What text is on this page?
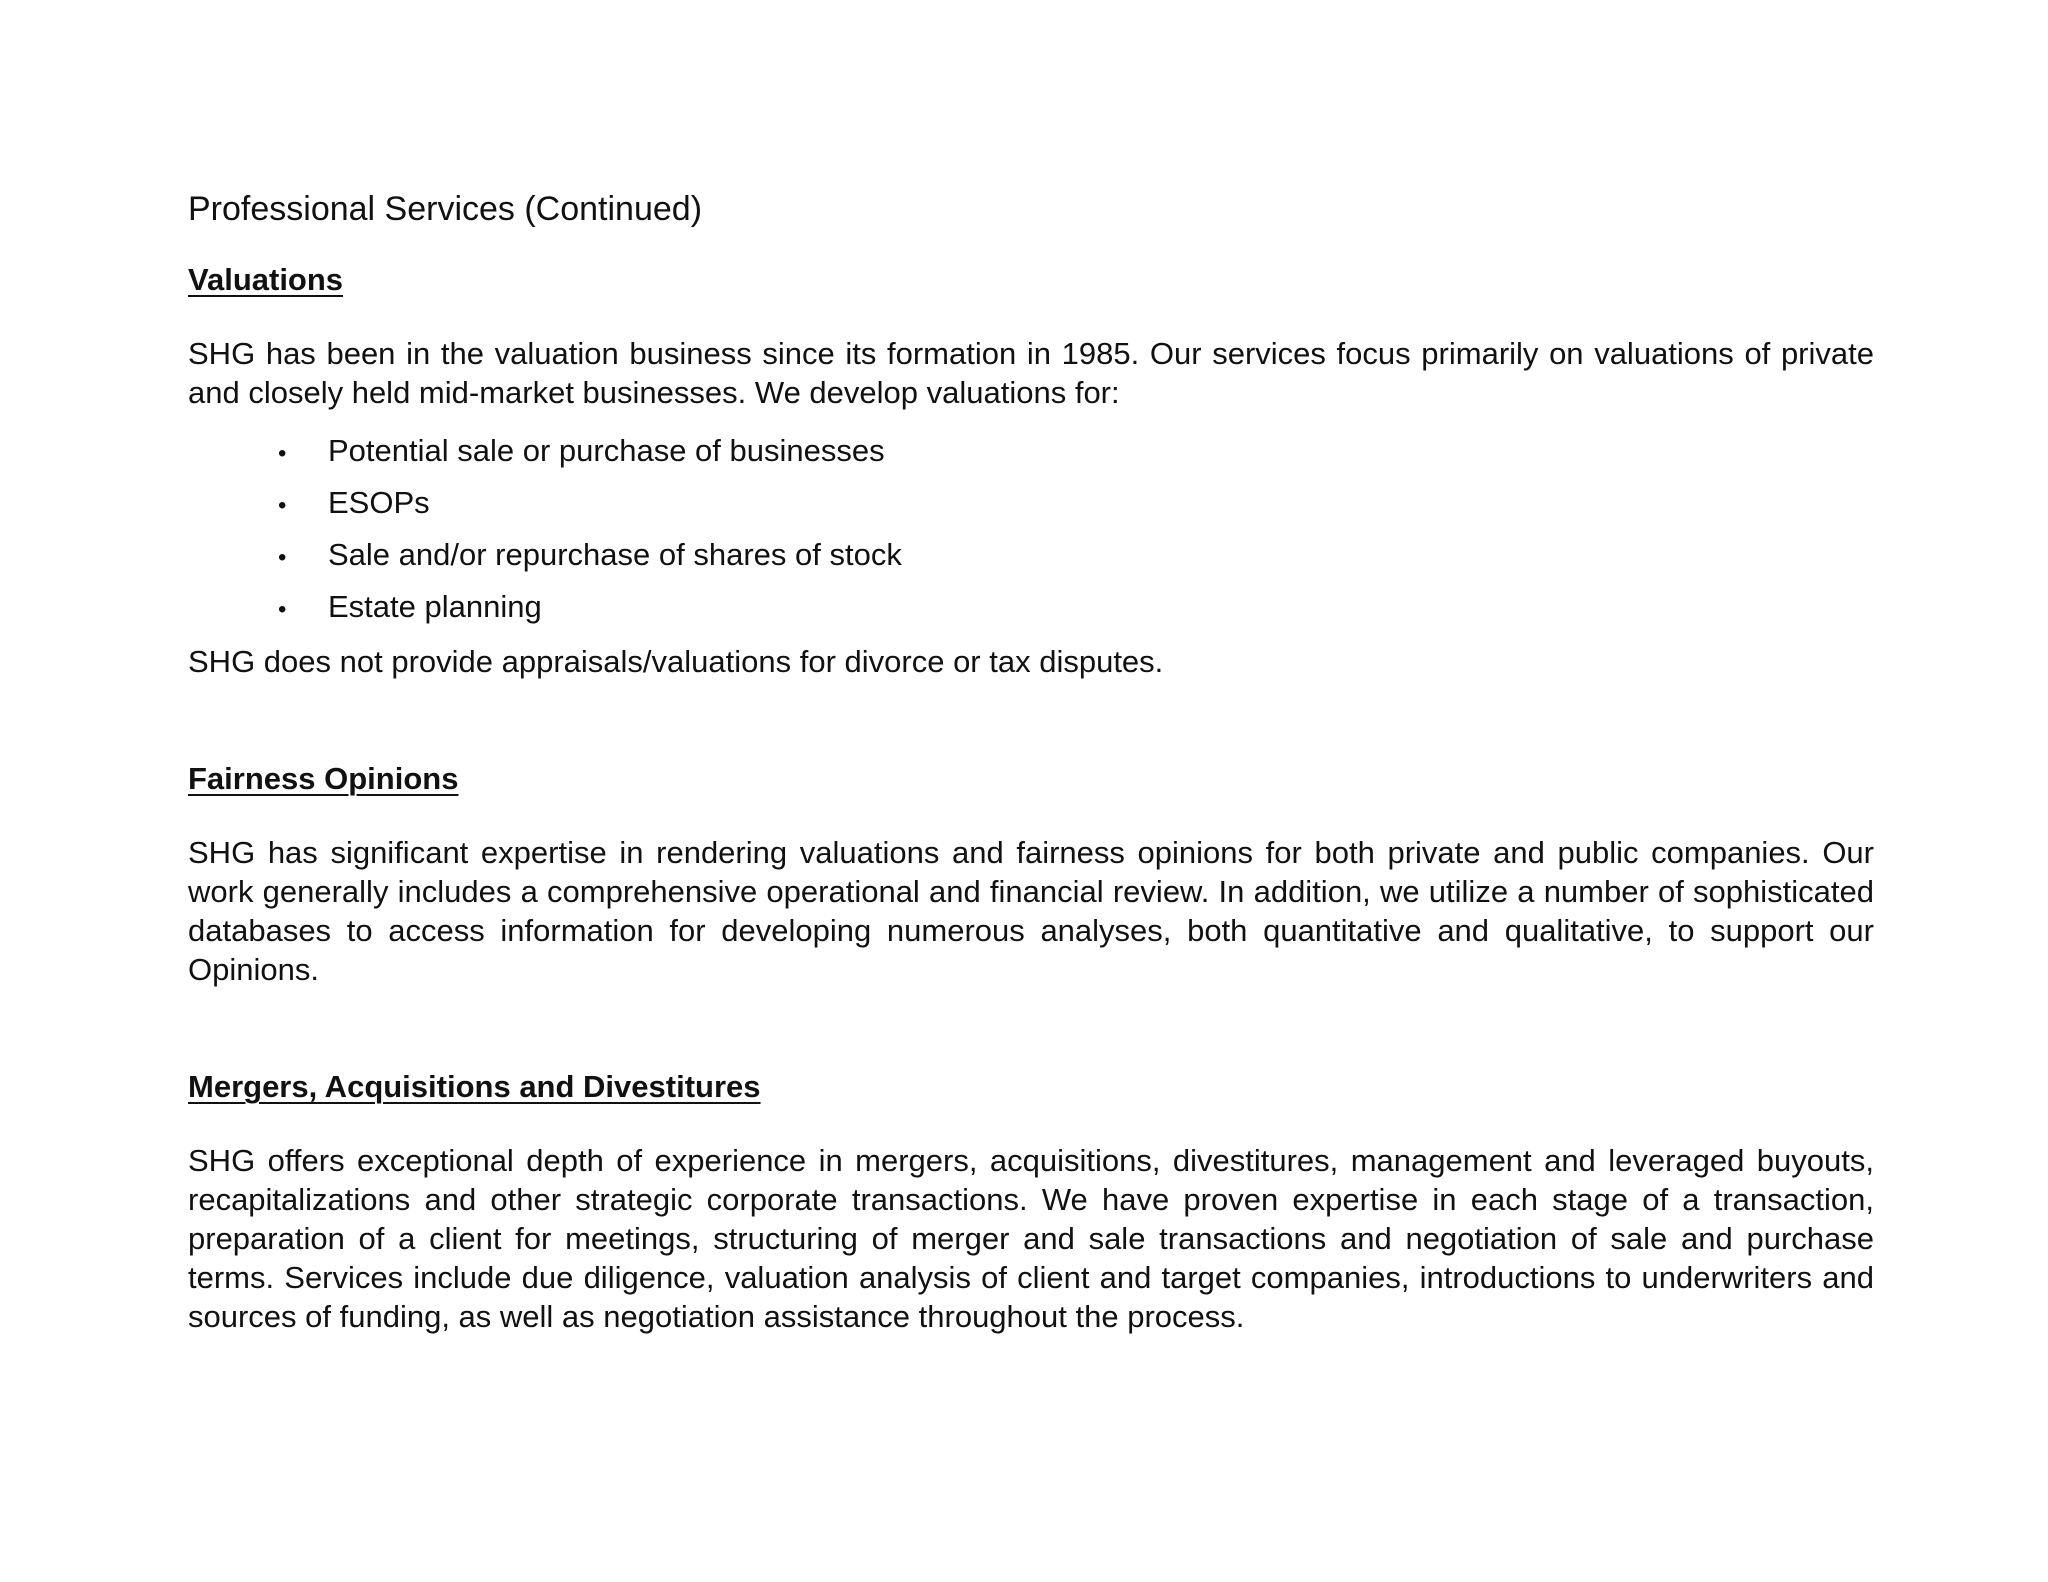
Professional Services (Continued)
Valuations

SHG has been in the valuation business since its formation in 1985. Our services focus primarily on valuations of private and closely held mid-market businesses. We develop valuations for:

•	Potential sale or purchase of businesses
•	ESOPs
•	Sale and/or repurchase of shares of stock
•	Estate planning

SHG does not provide appraisals/valuations for divorce or tax disputes.

Fairness Opinions

SHG has significant expertise in rendering valuations and fairness opinions for both private and public companies. Our work generally includes a comprehensive operational and financial review. In addition, we utilize a number of sophisticated databases to access information for developing numerous analyses, both quantitative and qualitative, to support our Opinions.

Mergers, Acquisitions and Divestitures

SHG offers exceptional depth of experience in mergers, acquisitions, divestitures, management and leveraged buyouts, recapitalizations and other strategic corporate transactions. We have proven expertise in each stage of a transaction, preparation of a client for meetings, structuring of merger and sale transactions and negotiation of sale and purchase terms. Services include due diligence, valuation analysis of client and target companies, introductions to underwriters and sources of funding, as well as negotiation assistance throughout the process.
